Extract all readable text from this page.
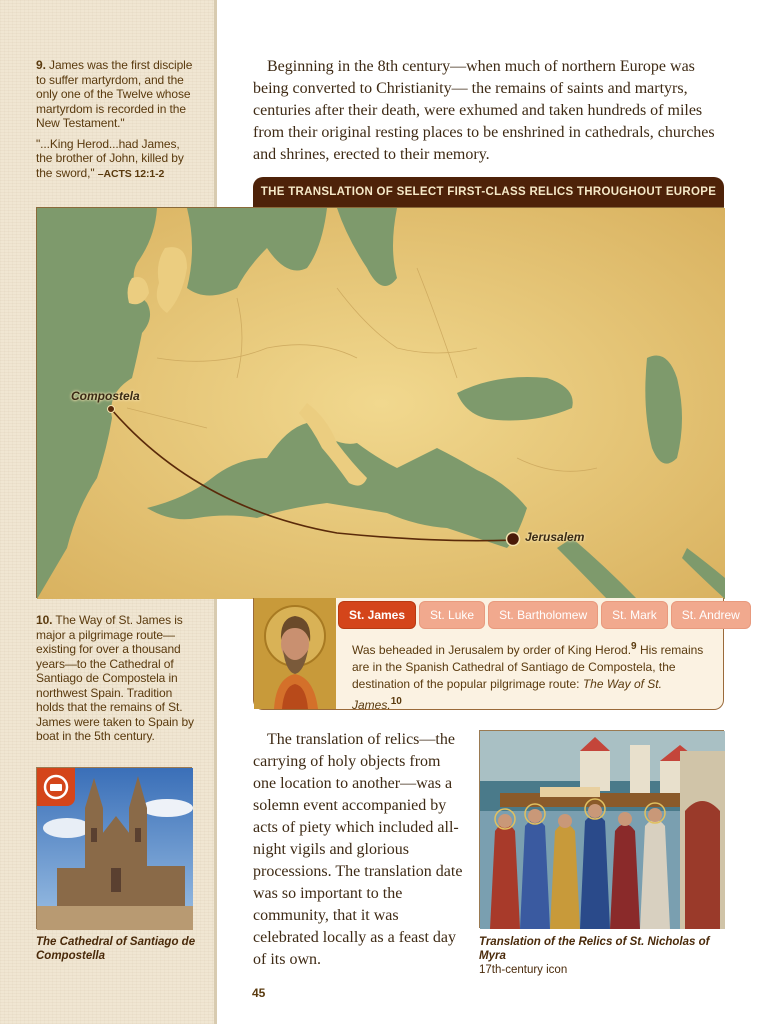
9. James was the first disciple to suffer martyrdom, and the only one of the Twelve whose martyrdom is recorded in the New Testament."

"...King Herod...had James, the brother of John, killed by the sword," –ACTS 12:1-2

10. The Way of St. James is major a pilgrimage route—existing for over a thousand years—to the Cathedral of Santiago de Compostela in northwest Spain. Tradition holds that the remains of St. James were taken to Spain by boat in the 5th century.

The Cathedral of Santiago de Compostella

Beginning in the 8th century—when much of northern Europe was being converted to Christianity— the remains of saints and martyrs, centuries after their death, were exhumed and taken hundreds of miles from their original resting places to be enshrined in cathedrals, churches and shrines, erected to their memory.

THE TRANSLATION OF SELECT FIRST-CLASS RELICS THROUGHOUT EUROPE
Compostela
Jerusalem
St. James	St. Luke	St. Bartholomew	St. Mark	St. Andrew
Was beheaded in Jerusalem by order of King Herod.$^9$ His remains are in the Spanish Cathedral of Santiago de Compostela, the destination of the popular pilgrimage route: The Way of St. James.$^{10}$

The translation of relics—the carrying of holy objects from one location to another—was a solemn event accompanied by acts of piety which included all-night vigils and glorious processions. The translation date was so important to the community, that it was celebrated locally as a feast day of its own.

Translation of the Relics of St. Nicholas of Myra
17th-century icon
45
